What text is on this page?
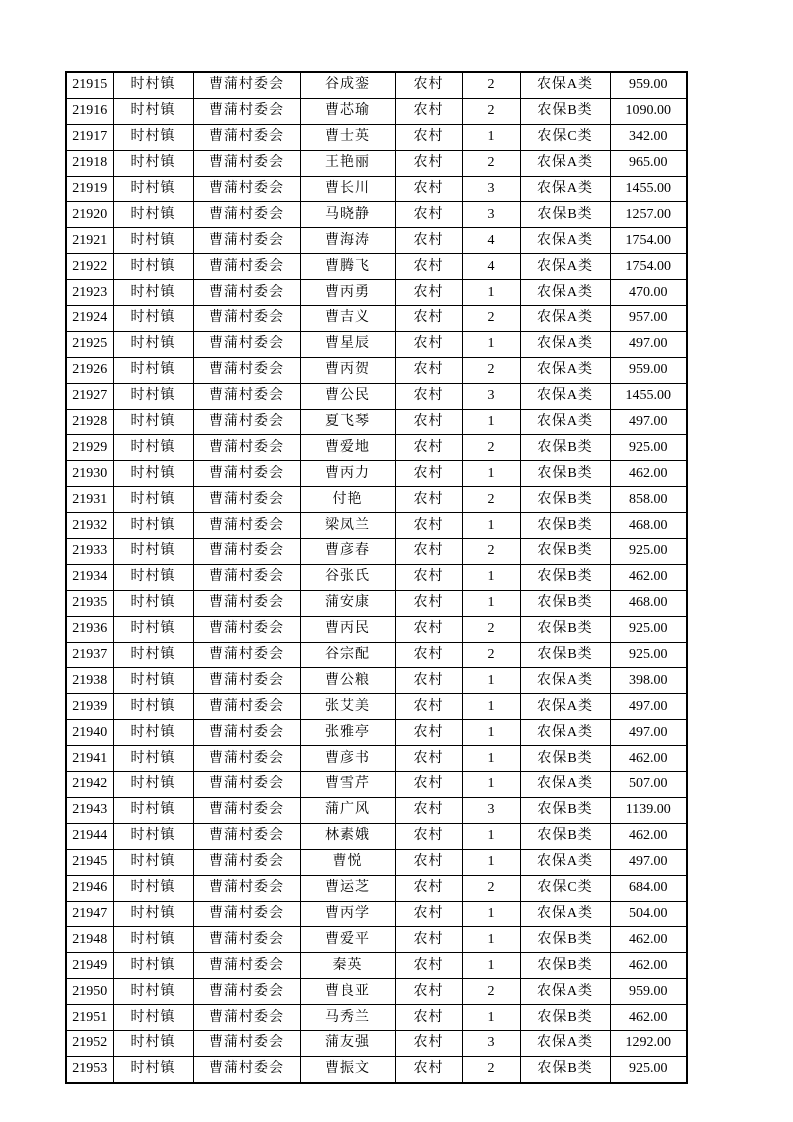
21915	时村镇	曹蒲村委会	谷成銮	农村	2	农保A类	959.00
21916	时村镇	曹蒲村委会	曹芯瑜	农村	2	农保B类	1090.00
21917	时村镇	曹蒲村委会	曹士英	农村	1	农保C类	342.00
21918	时村镇	曹蒲村委会	王艳丽	农村	2	农保A类	965.00
21919	时村镇	曹蒲村委会	曹长川	农村	3	农保A类	1455.00
21920	时村镇	曹蒲村委会	马晓静	农村	3	农保B类	1257.00
21921	时村镇	曹蒲村委会	曹海涛	农村	4	农保A类	1754.00
21922	时村镇	曹蒲村委会	曹腾飞	农村	4	农保A类	1754.00
21923	时村镇	曹蒲村委会	曹丙勇	农村	1	农保A类	470.00
21924	时村镇	曹蒲村委会	曹吉义	农村	2	农保A类	957.00
21925	时村镇	曹蒲村委会	曹星辰	农村	1	农保A类	497.00
21926	时村镇	曹蒲村委会	曹丙贺	农村	2	农保A类	959.00
21927	时村镇	曹蒲村委会	曹公民	农村	3	农保A类	1455.00
21928	时村镇	曹蒲村委会	夏飞琴	农村	1	农保A类	497.00
21929	时村镇	曹蒲村委会	曹爱地	农村	2	农保B类	925.00
21930	时村镇	曹蒲村委会	曹丙力	农村	1	农保B类	462.00
21931	时村镇	曹蒲村委会	付艳	农村	2	农保B类	858.00
21932	时村镇	曹蒲村委会	梁凤兰	农村	1	农保B类	468.00
21933	时村镇	曹蒲村委会	曹彦春	农村	2	农保B类	925.00
21934	时村镇	曹蒲村委会	谷张氏	农村	1	农保B类	462.00
21935	时村镇	曹蒲村委会	蒲安康	农村	1	农保B类	468.00
21936	时村镇	曹蒲村委会	曹丙民	农村	2	农保B类	925.00
21937	时村镇	曹蒲村委会	谷宗配	农村	2	农保B类	925.00
21938	时村镇	曹蒲村委会	曹公粮	农村	1	农保A类	398.00
21939	时村镇	曹蒲村委会	张艾美	农村	1	农保A类	497.00
21940	时村镇	曹蒲村委会	张雅亭	农村	1	农保A类	497.00
21941	时村镇	曹蒲村委会	曹彦书	农村	1	农保B类	462.00
21942	时村镇	曹蒲村委会	曹雪芹	农村	1	农保A类	507.00
21943	时村镇	曹蒲村委会	蒲广风	农村	3	农保B类	1139.00
21944	时村镇	曹蒲村委会	林素娥	农村	1	农保B类	462.00
21945	时村镇	曹蒲村委会	曹悦	农村	1	农保A类	497.00
21946	时村镇	曹蒲村委会	曹运芝	农村	2	农保C类	684.00
21947	时村镇	曹蒲村委会	曹丙学	农村	1	农保A类	504.00
21948	时村镇	曹蒲村委会	曹爱平	农村	1	农保B类	462.00
21949	时村镇	曹蒲村委会	秦英	农村	1	农保B类	462.00
21950	时村镇	曹蒲村委会	曹良亚	农村	2	农保A类	959.00
21951	时村镇	曹蒲村委会	马秀兰	农村	1	农保B类	462.00
21952	时村镇	曹蒲村委会	蒲友强	农村	3	农保A类	1292.00
21953	时村镇	曹蒲村委会	曹振文	农村	2	农保B类	925.00
